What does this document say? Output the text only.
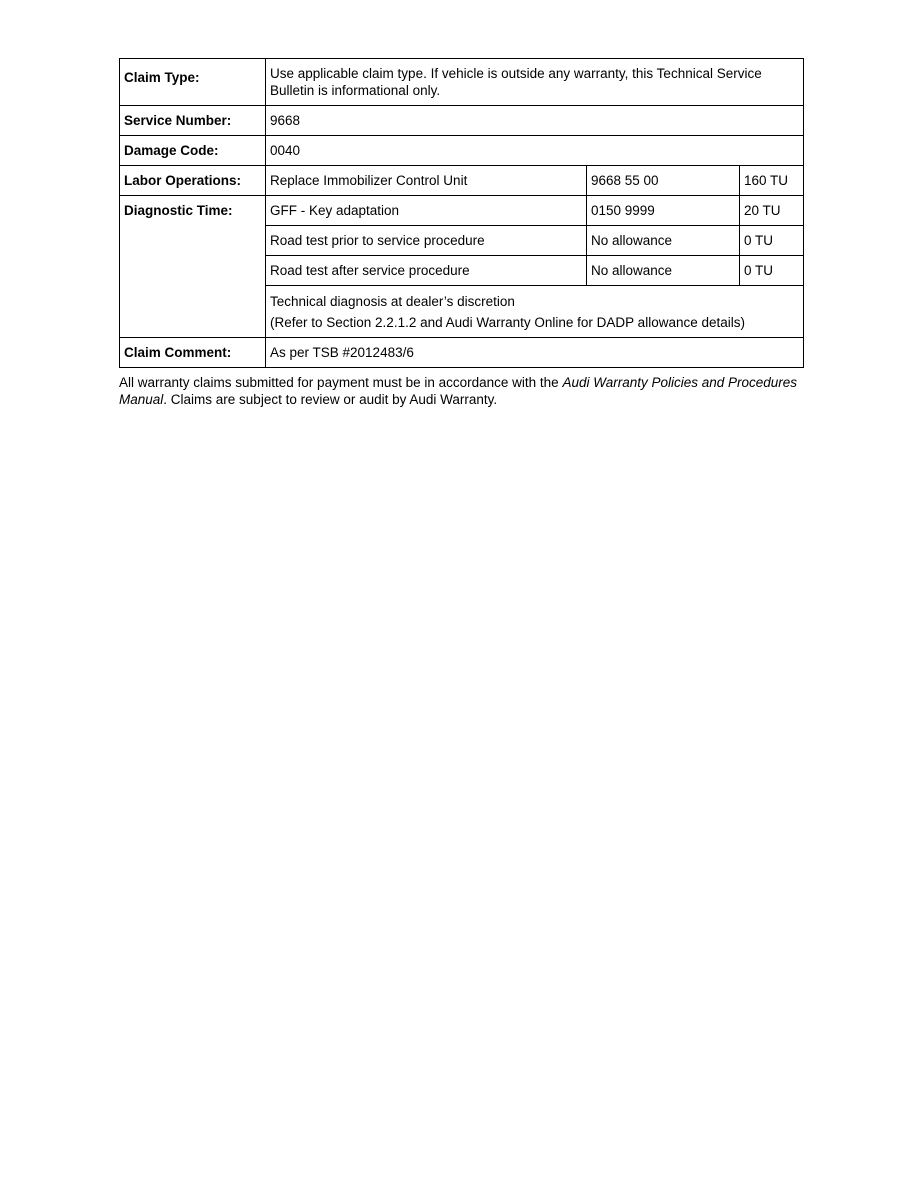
Claim Type:	Use applicable claim type. If vehicle is outside any warranty, this Technical Service
Bulletin is informational only.		

Service Number:	9668		
Damage Code:	0040		
Labor Operations:	Replace Immobilizer Control Unit	9668 55 00	160 TU
Diagnostic Time:	GFF - Key adaptation	0150 9999	20 TU
	Road test prior to service procedure	No allowance	0 TU
	Road test after service procedure	No allowance	0 TU

	Technical diagnosis at dealer’s discretion
(Refer to Section 2.2.1.2 and Audi Warranty Online for DADP allowance details)		

Claim Comment:	As per TSB #2012483/6		

All warranty claims submitted for payment must be in accordance with the Audi Warranty Policies and Procedures Manual. Claims are subject to review or audit by Audi Warranty.
